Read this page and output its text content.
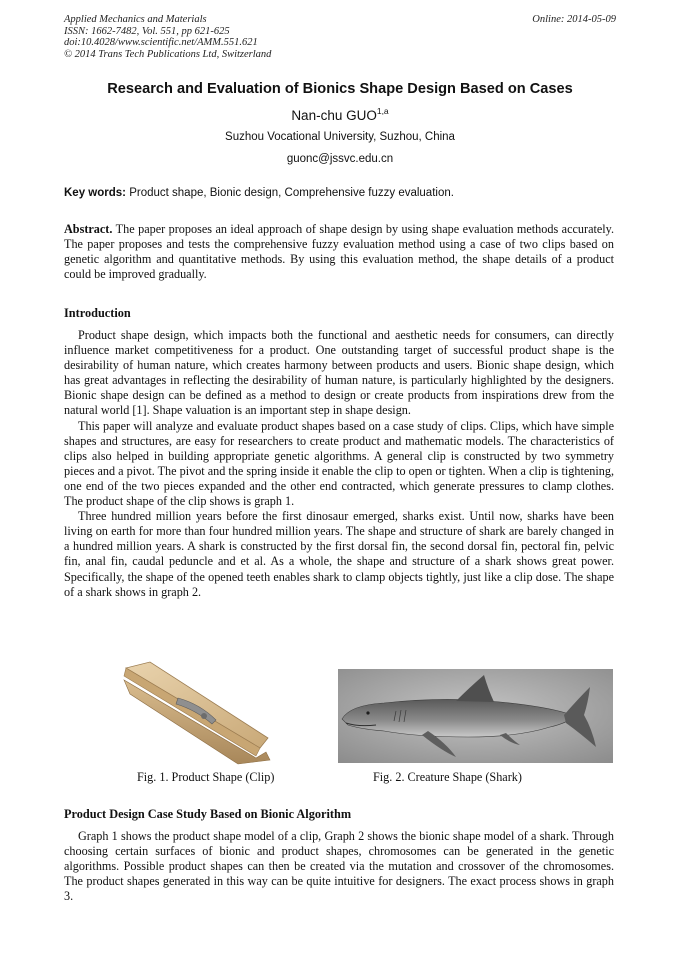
Applied Mechanics and Materials
ISSN: 1662-7482, Vol. 551, pp 621-625
doi:10.4028/www.scientific.net/AMM.551.621
© 2014 Trans Tech Publications Ltd, Switzerland
Online: 2014-05-09
Research and Evaluation of Bionics Shape Design Based on Cases
Nan-chu GUO$^{1,a}$
Suzhou Vocational University, Suzhou, China
guonc@jssvc.edu.cn
Key words: Product shape, Bionic design, Comprehensive fuzzy evaluation.

Abstract. The paper proposes an ideal approach of shape design by using shape evaluation methods accurately. The paper proposes and tests the comprehensive fuzzy evaluation method using a case of two clips based on genetic algorithm and quantitative methods. By using this evaluation method, the shape details of a product could be improved gradually.

Introduction

Product shape design, which impacts both the functional and aesthetic needs for consumers, can directly influence market competitiveness for a product. One outstanding target of successful product shape is the desirability of human nature, which creates harmony between products and users. Bionic shape design, which has great advantages in reflecting the desirability of human nature, is particularly highlighted by the designers. Bionic shape design can be defined as a method to design or create products from inspirations drew from the natural world [1]. Shape valuation is an important step in shape design.

This paper will analyze and evaluate product shapes based on a case study of clips. Clips, which have simple shapes and structures, are easy for researchers to create product and mathematic models. The characteristics of clips also helped in building appropriate genetic algorithms. A general clip is constructed by two symmetry pieces and a pivot. The pivot and the spring inside it enable the clip to open or tighten. When a clip is tightening, one end of the two pieces expanded and the other end contracted, which generate pressures to clamp clothes. The product shape of the clip shows is graph 1.

Three hundred million years before the first dinosaur emerged, sharks exist. Until now, sharks have been living on earth for more than four hundred million years. The shape and structure of shark are barely changed in a hundred million years. A shark is constructed by the first dorsal fin, the second dorsal fin, pectoral fin, pelvic fin, anal fin, caudal peduncle and et al. As a whole, the shape and structure of a shark shows great power. Specifically, the shape of the opened teeth enables shark to clamp objects tightly, just like a clip dose. The shape of a shark shows in graph 2.

Fig. 1. Product Shape (Clip)	Fig. 2. Creature Shape (Shark)
Product Design Case Study Based on Bionic Algorithm

Graph 1 shows the product shape model of a clip, Graph 2 shows the bionic shape model of a shark. Through choosing certain surfaces of bionic and product shapes, chromosomes can be generated in the genetic algorithms. Possible product shapes can then be created via the mutation and crossover of the chromosomes. The product shapes generated in this way can be quite intuitive for designers. The exact process shows in graph 3.
